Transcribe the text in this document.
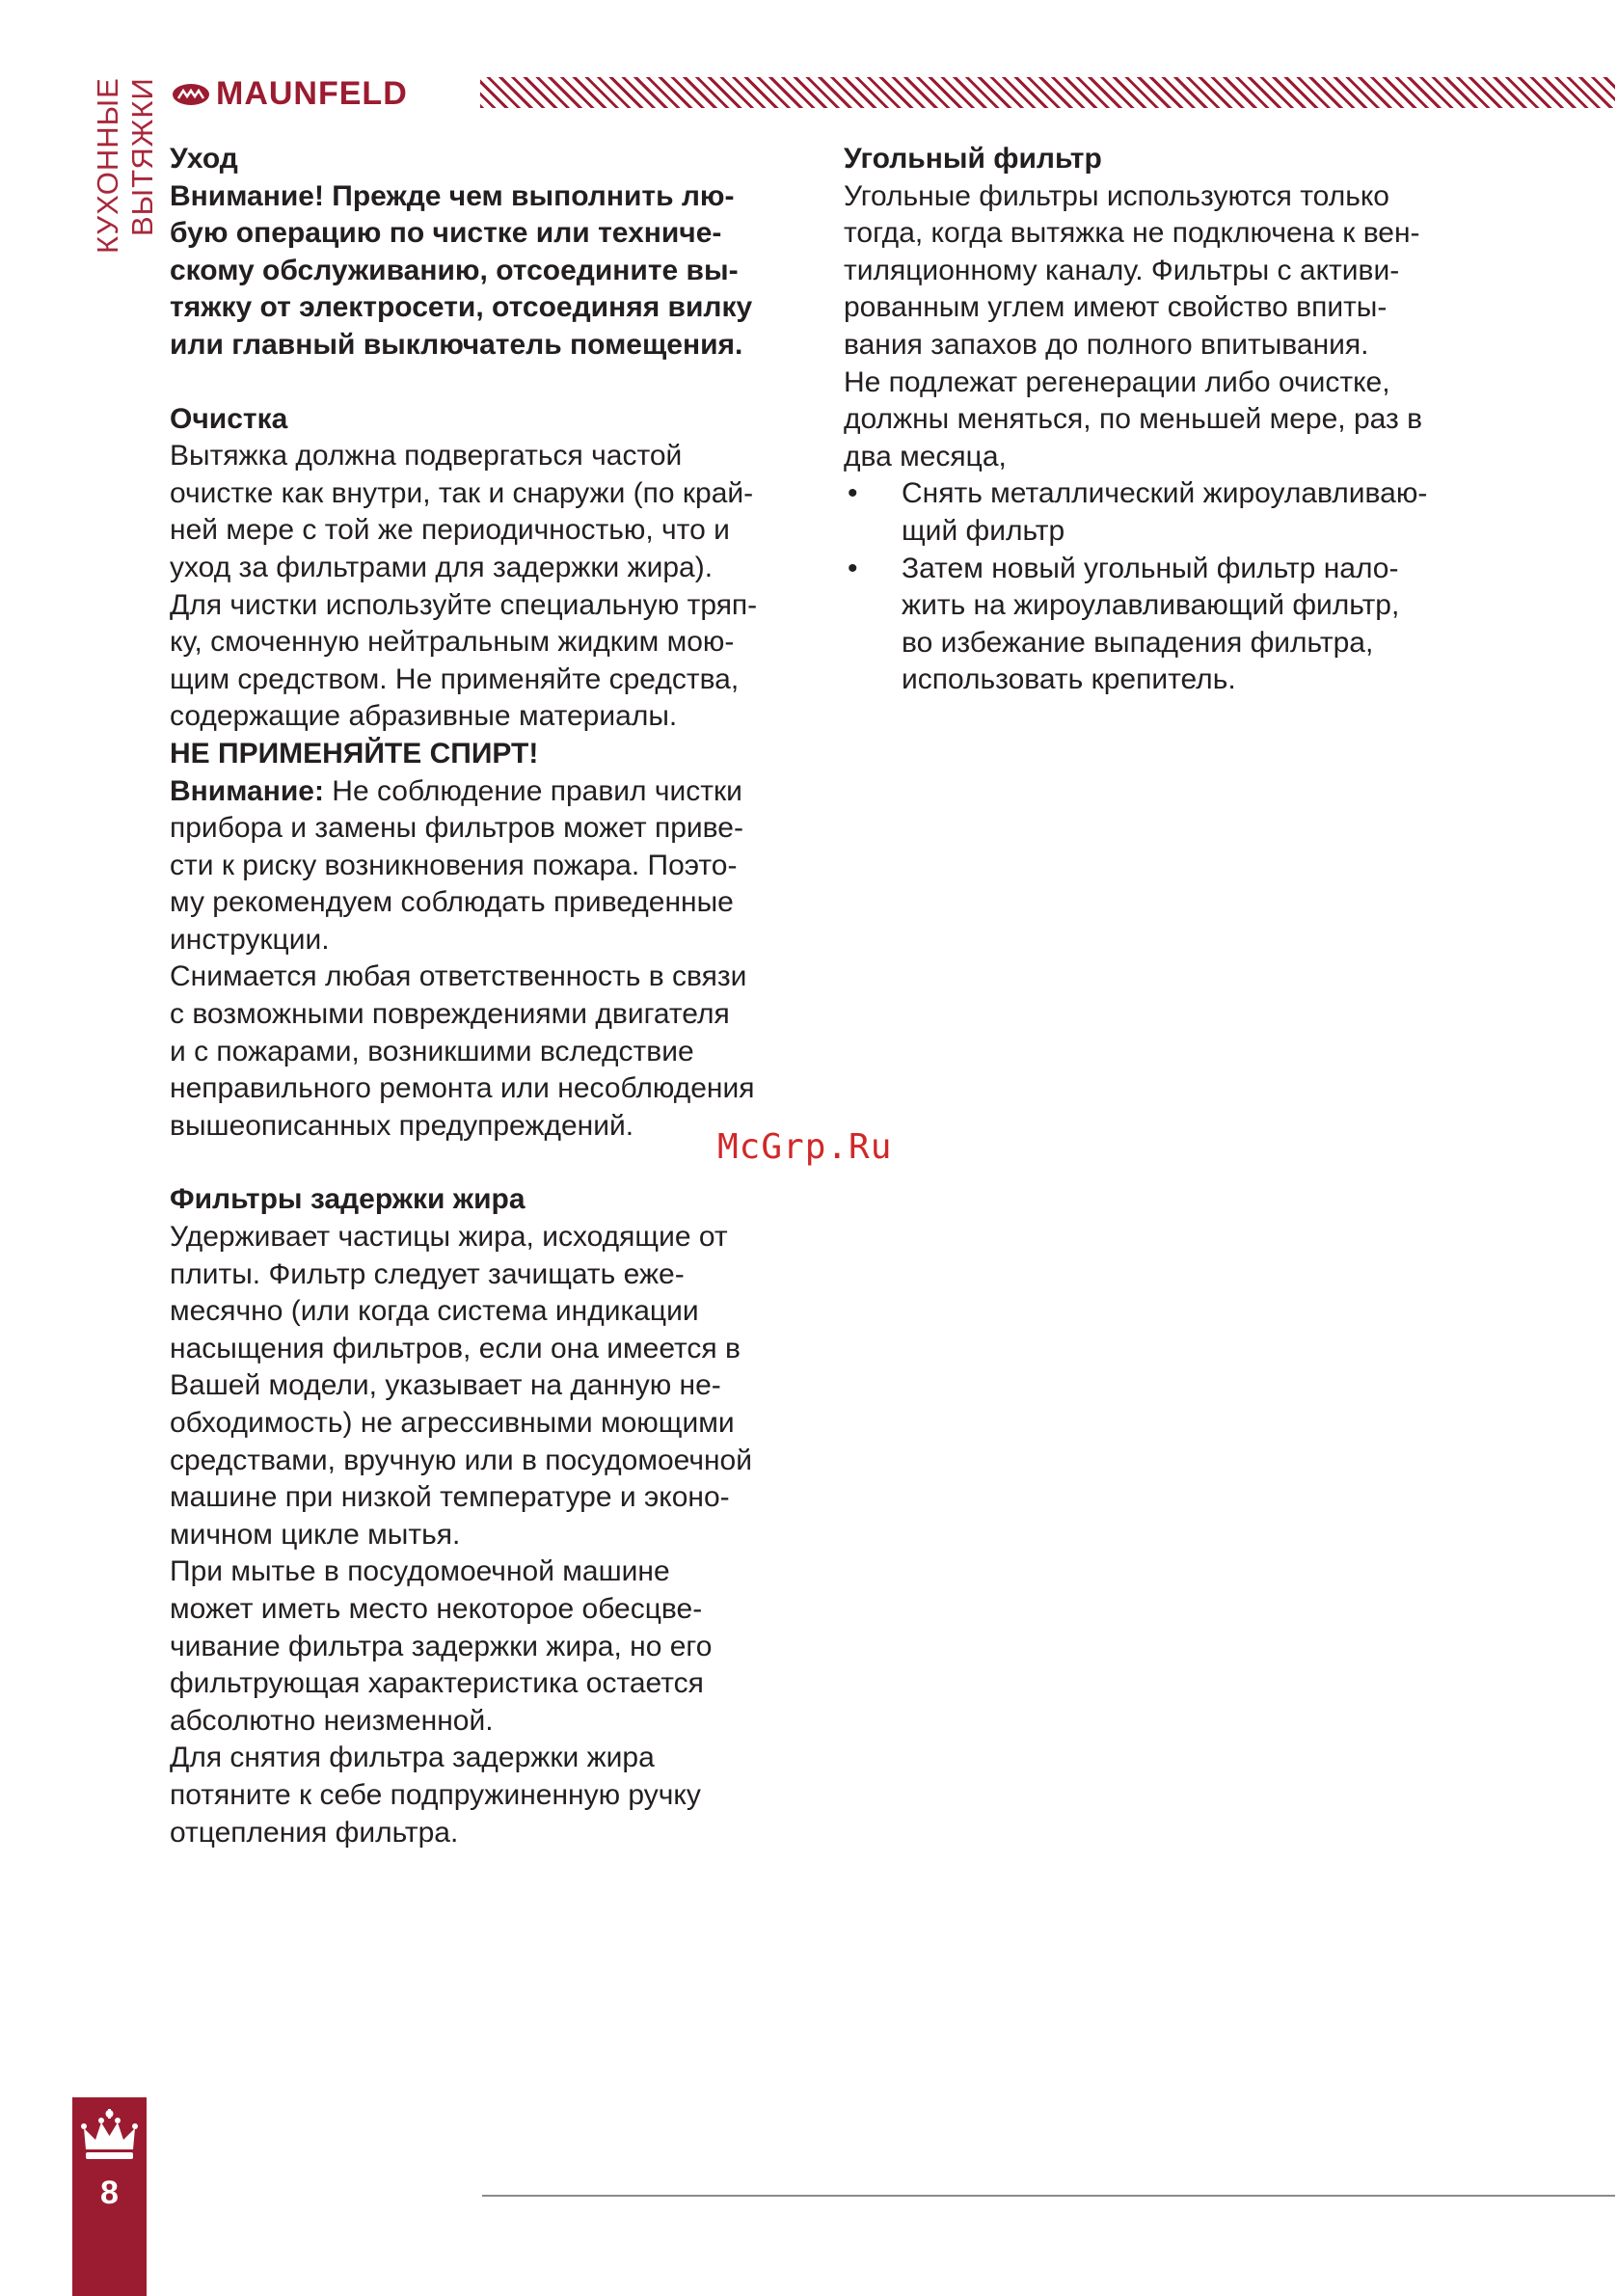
MAUNFELD
КУХОННЫЕ ВЫТЯЖКИ Уход

Внимание! Прежде чем выполнить лю-

бую операцию по чистке или техниче-

скому обслуживанию, отсоедините вы-

тяжку от электросети, отсоединяя вилку

или главный выключатель помещения.

Очистка

Вытяжка должна подвергаться частой

очистке как внутри, так и снаружи (по край-

ней мере с той же периодичностью, что и

уход за фильтрами для задержки жира).

Для чистки используйте специальную тряп-

ку, смоченную нейтральным жидким мою-

щим средством. Не применяйте средства,

содержащие абразивные материалы.

НЕ ПРИМЕНЯЙТЕ СПИРТ!

Внимание: Не соблюдение правил чистки

прибора и замены фильтров может приве-

сти к риску возникновения пожара. Поэто-

му рекомендуем соблюдать приведенные

инструкции.

Снимается любая ответственность в связи

с возможными повреждениями двигателя

и с пожарами, возникшими вследствие

неправильного ремонта или несоблюдения

вышеописанных предупреждений.

Фильтры задержки жира

Удерживает частицы жира, исходящие от

плиты. Фильтр следует зачищать еже-

месячно (или когда система индикации

насыщения фильтров, если она имеется в

Вашей модели, указывает на данную не-

обходимость) не агрессивными моющими

средствами, вручную или в посудомоечной

машине при низкой температуре и эконо-

мичном цикле мытья.

При мытье в посудомоечной машине

может иметь место некоторое обесцве-

чивание фильтра задержки жира, но его

фильтрующая характеристика остается

абсолютно неизменной.

Для снятия фильтра задержки жира

потяните к себе подпружиненную ручку

отцепления фильтра.

Угольный фильтр

Угольные фильтры используются только

тогда, когда вытяжка не подключена к вен-

тиляционному каналу. Фильтры с активи-

рованным углем имеют свойство впиты-

вания запахов до полного впитывания.

Не подлежат регенерации либо очистке,

должны меняться, по меньшей мере, раз в

два месяца,

•	Снять металлический жироулавливаю-

щий фильтр

•	Затем новый угольный фильтр нало-

жить на жироулавливающий фильтр,

во избежание выпадения фильтра,

использовать крепитель.

McGrp.Ru
8
